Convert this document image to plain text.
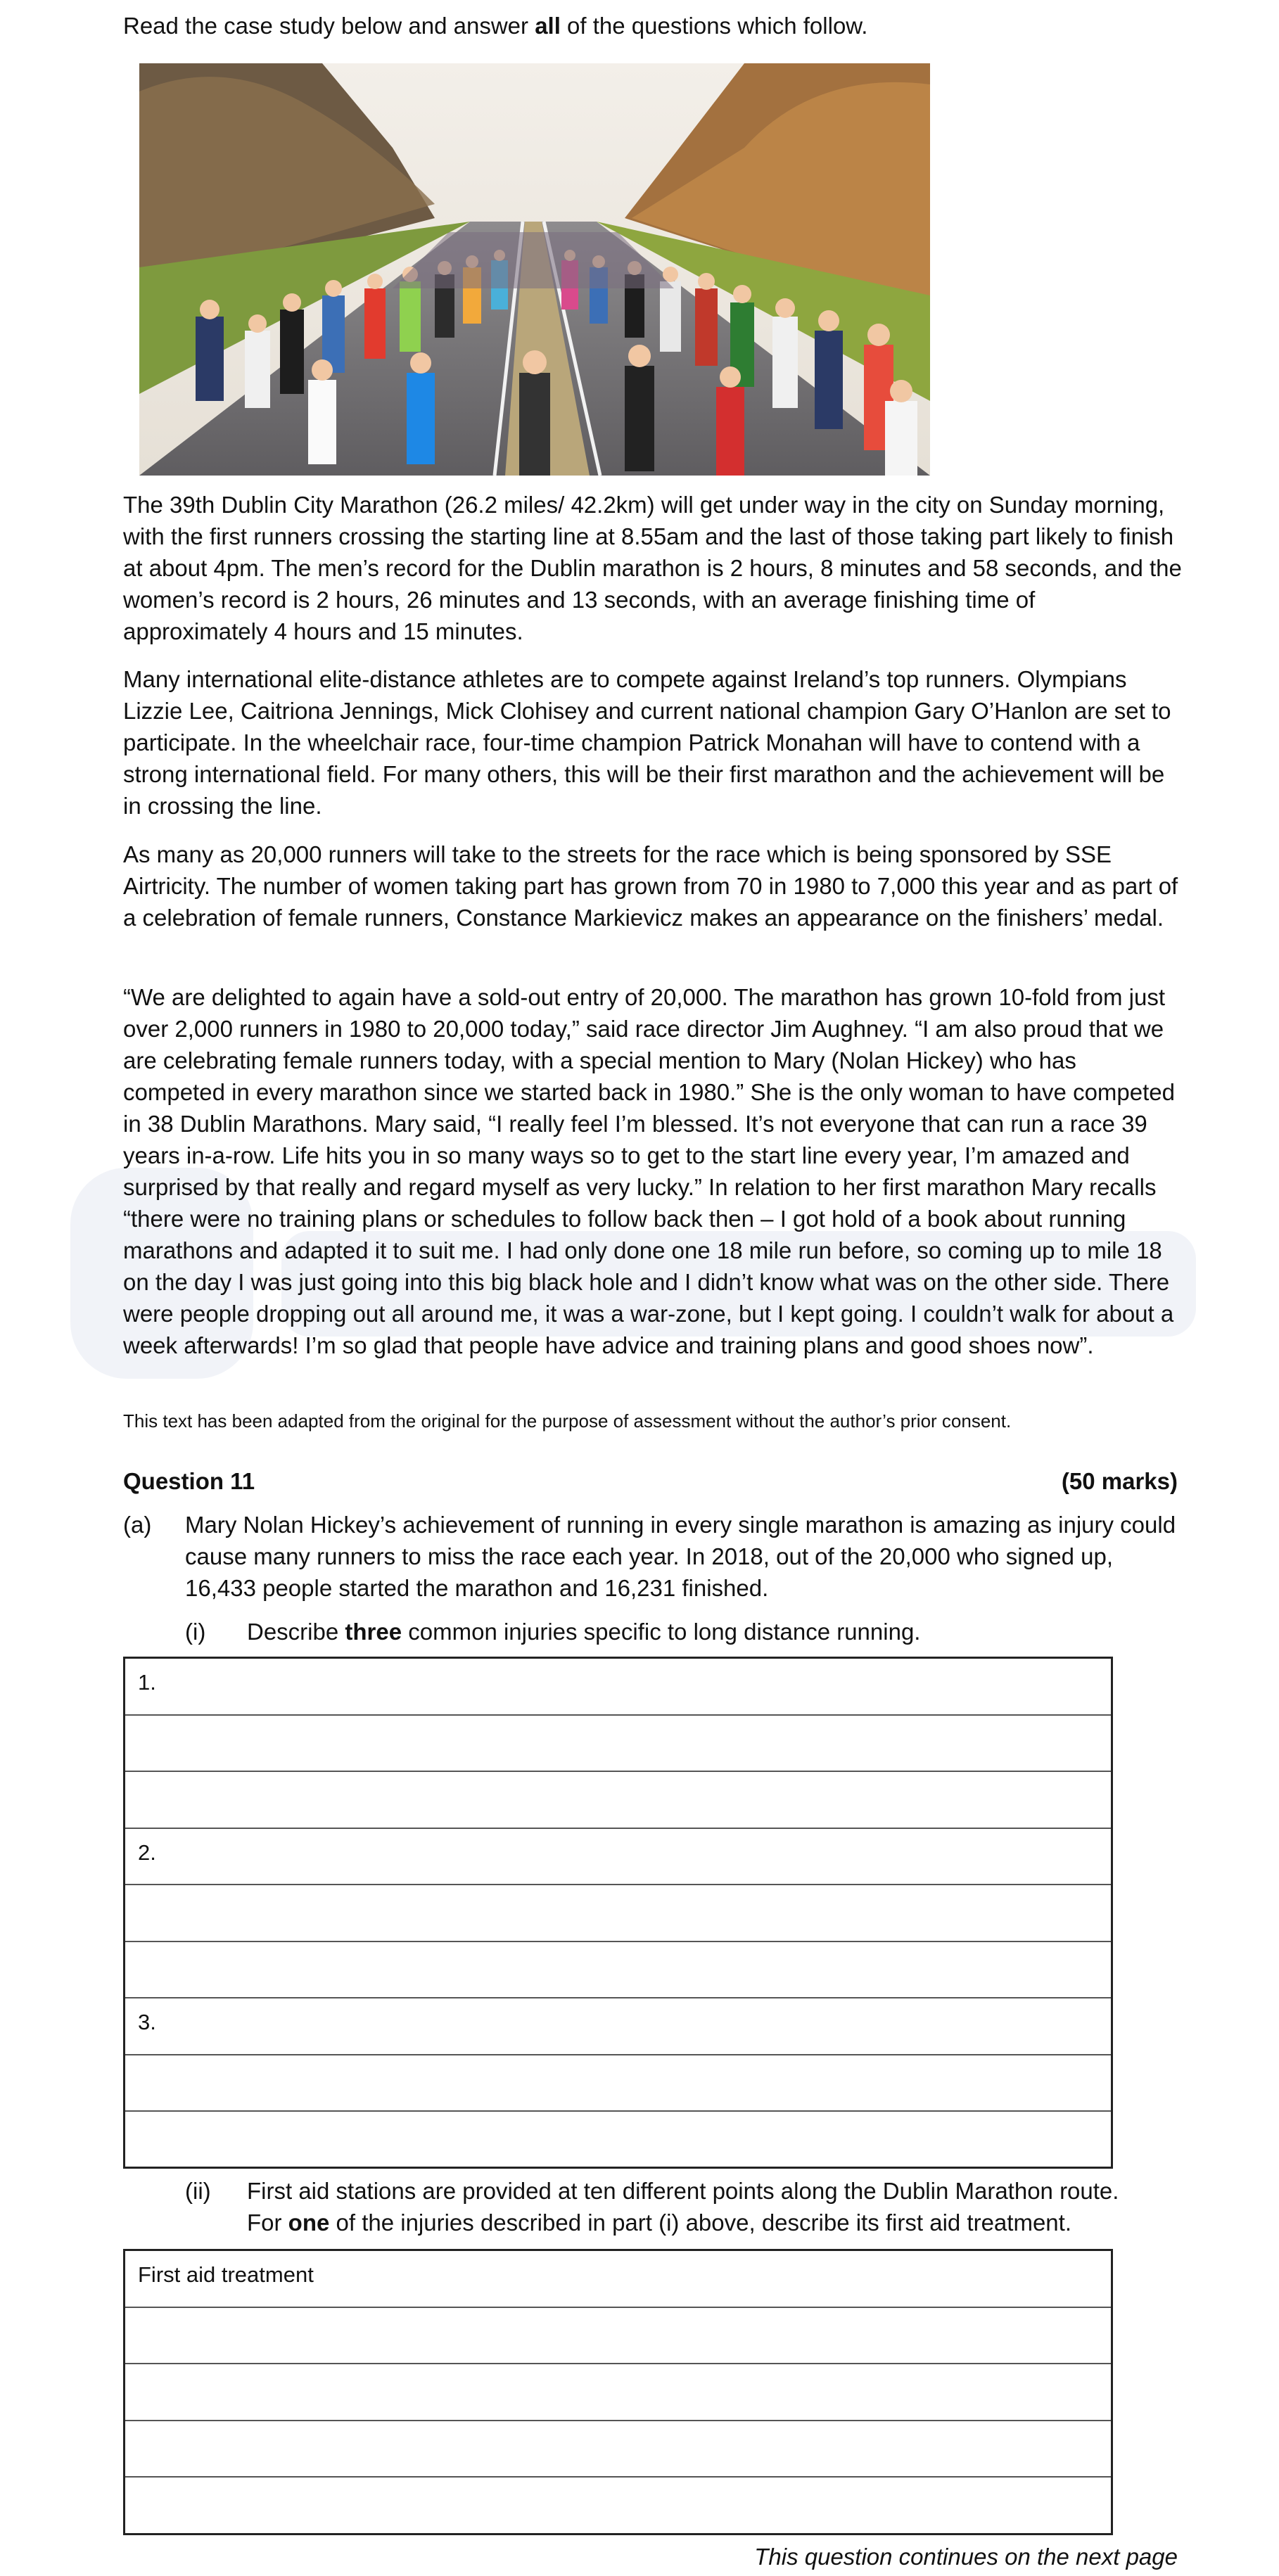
Read the case study below and answer all of the questions which follow.

The 39th Dublin City Marathon (26.2 miles/ 42.2km) will get under way in the city on Sunday morning, with the first runners crossing the starting line at 8.55am and the last of those taking part likely to finish at about 4pm. The men’s record for the Dublin marathon is 2 hours, 8 minutes and 58 seconds, and the women’s record is 2 hours, 26 minutes and 13 seconds, with an average finishing time of approximately 4 hours and 15 minutes.

Many international elite-distance athletes are to compete against Ireland’s top runners. Olympians Lizzie Lee, Caitriona Jennings, Mick Clohisey and current national champion Gary O’Hanlon are set to participate. In the wheelchair race, four-time champion Patrick Monahan will have to contend with a strong international field. For many others, this will be their first marathon and the achievement will be in crossing the line.

As many as 20,000 runners will take to the streets for the race which is being sponsored by SSE Airtricity. The number of women taking part has grown from 70 in 1980 to 7,000 this year and as part of a celebration of female runners, Constance Markievicz makes an appearance on the finishers’ medal.

“We are delighted to again have a sold-out entry of 20,000. The marathon has grown 10-fold from just over 2,000 runners in 1980 to 20,000 today,” said race director Jim Aughney. “I am also proud that we are celebrating female runners today, with a special mention to Mary (Nolan Hickey) who has competed in every marathon since we started back in 1980.” She is the only woman to have competed in 38 Dublin Marathons. Mary said, “I really feel I’m blessed. It’s not everyone that can run a race 39 years in-a-row. Life hits you in so many ways so to get to the start line every year, I’m amazed and surprised by that really and regard myself as very lucky.” In relation to her first marathon Mary recalls “there were no training plans or schedules to follow back then – I got hold of a book about running marathons and adapted it to suit me. I had only done one 18 mile run before, so coming up to mile 18 on the day I was just going into this big black hole and I didn’t know what was on the other side. There were people dropping out all around me, it was a war-zone, but I kept going. I couldn’t walk for about a week afterwards! I’m so glad that people have advice and training plans and good shoes now”.

This text has been adapted from the original for the purpose of assessment without the author’s prior consent.
Question 11	(50 marks)
(a) Mary Nolan Hickey’s achievement of running in every single marathon is amazing as injury could cause many runners to miss the race each year. In 2018, out of the 20,000 who signed up, 16,433 people started the marathon and 16,231 finished.
(i) Describe three common injuries specific to long distance running.
1.
2.
3.
(ii) First aid stations are provided at ten different points along the Dublin Marathon route.
For one of the injuries described in part (i) above, describe its first aid treatment.
First aid treatment
This question continues on the next page
